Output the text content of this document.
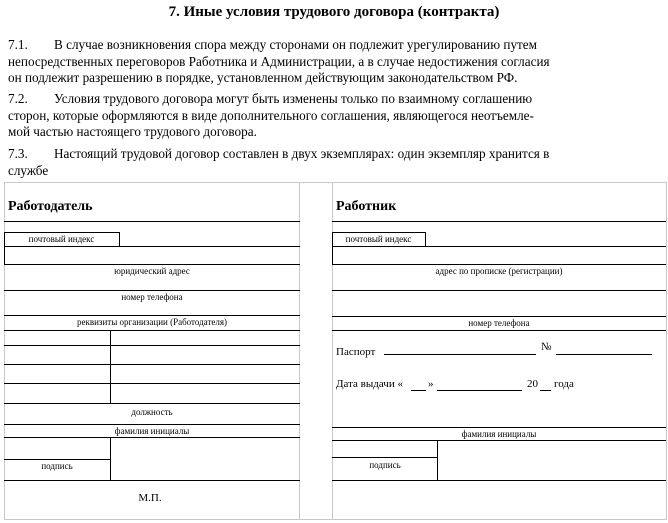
7. Иные условия трудового договора (контракта)
7.1. В случае возникновения спора между сторонами он подлежит урегулированию путем
непосредственных переговоров Работника и Администрации, а в случае недостижения согласия
он подлежит разрешению в порядке, установленном действующим законодательством РФ.
7.2. Условия трудового договора могут быть изменены только по взаимному соглашению
сторон, которые оформляются в виде дополнительного соглашения, являющегося неотъемле-
мой частью настоящего трудового договора.
7.3. Настоящий трудовой договор составлен в двух экземплярах: один экземпляр хранится в
службе
Работодатель
почтовый индекс
юридический адрес
номер телефона
реквизиты организации (Работодателя)
должность
фамилия инициалы
подпись
М.П.
Работник
почтовый индекс
адрес по прописке (регистрации)
номер телефона
Паспорт	№
Дата выдачи « »	20 года
фамилия инициалы
подпись
